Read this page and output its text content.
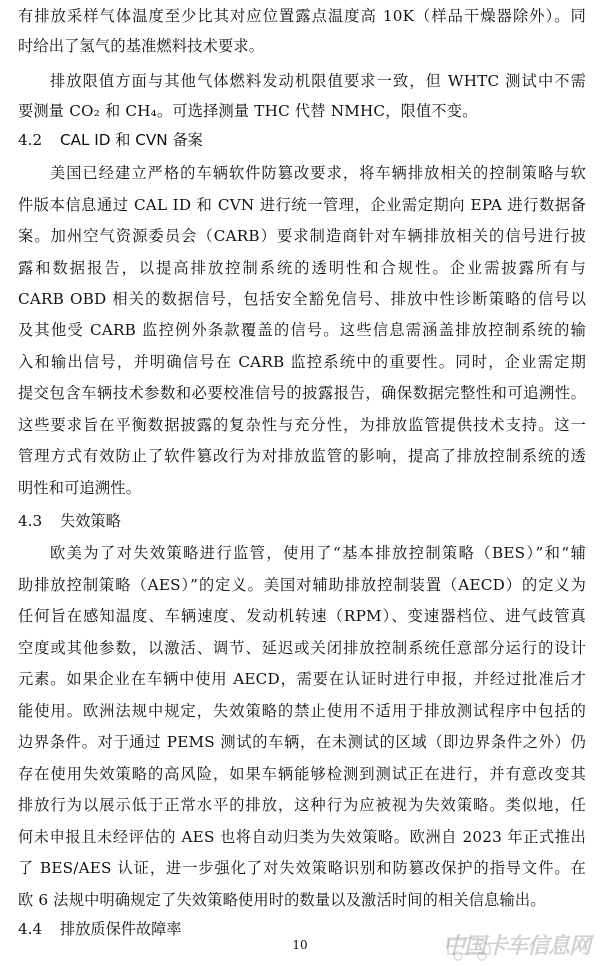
有排放采样气体温度至少比其对应位置露点温度高 10K（样品干燥器除外）。同
时给出了氢气的基准燃料技术要求。
排放限值方面与其他气体燃料发动机限值要求一致，但 WHTC 测试中不需
要测量 CO₂ 和 CH₄。可选择测量 THC 代替 NMHC，限值不变。
4.2 CAL ID 和 CVN 备案
美国已经建立严格的车辆软件防篡改要求，将车辆排放相关的控制策略与软
件版本信息通过 CAL ID 和 CVN 进行统一管理，企业需定期向 EPA 进行数据备
案。加州空气资源委员会（CARB）要求制造商针对车辆排放相关的信号进行披
露和数据报告，以提高排放控制系统的透明性和合规性。企业需披露所有与
CARB OBD 相关的数据信号，包括安全豁免信号、排放中性诊断策略的信号以
及其他受 CARB 监控例外条款覆盖的信号。这些信息需涵盖排放控制系统的输
入和输出信号，并明确信号在 CARB 监控系统中的重要性。同时，企业需定期
提交包含车辆技术参数和必要校准信号的披露报告，确保数据完整性和可追溯性。
这些要求旨在平衡数据披露的复杂性与充分性，为排放监管提供技术支持。这一
管理方式有效防止了软件篡改行为对排放监管的影响，提高了排放控制系统的透
明性和可追溯性。
4.3 失效策略
欧美为了对失效策略进行监管，使用了“基本排放控制策略（BES）”和“辅
助排放控制策略（AES）”的定义。美国对辅助排放控制装置（AECD）的定义为
任何旨在感知温度、车辆速度、发动机转速（RPM）、变速器档位、进气歧管真
空度或其他参数，以激活、调节、延迟或关闭排放控制系统任意部分运行的设计
元素。如果企业在车辆中使用 AECD，需要在认证时进行申报，并经过批准后才
能使用。欧洲法规中规定，失效策略的禁止使用不适用于排放测试程序中包括的
边界条件。对于通过 PEMS 测试的车辆，在未测试的区域（即边界条件之外）仍
存在使用失效策略的高风险，如果车辆能够检测到测试正在进行，并有意改变其
排放行为以展示低于正常水平的排放，这种行为应被视为失效策略。类似地，任
何未申报且未经评估的 AES 也将自动归类为失效策略。欧洲自 2023 年正式推出
了 BES/AES 认证，进一步强化了对失效策略识别和防篡改保护的指导文件。在
欧 6 法规中明确规定了失效策略使用时的数量以及激活时间的相关信息输出。
4.4 排放质保件故障率
10	中国卡车信息网
